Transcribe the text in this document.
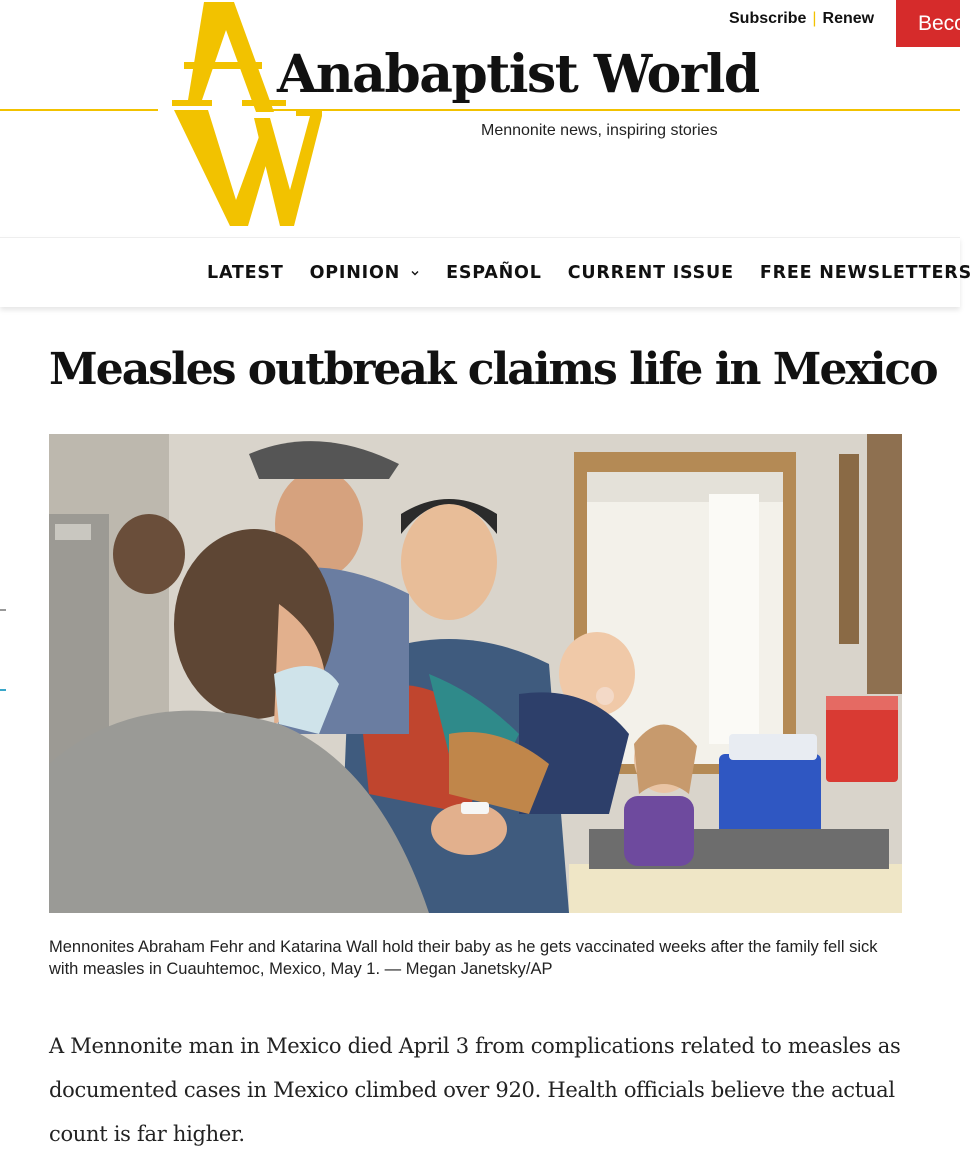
Anabaptist World
Mennonite news, inspiring stories
Subscribe | Renew	Beco
LATEST OPINION	ESPAÑOL CURRENT ISSUE FREE NEWSLETTERS
Measles outbreak claims life in Mexico

Mennonites Abraham Fehr and Katarina Wall hold their baby as he gets vaccinated weeks after the family fell sick with measles in Cuauhtemoc, Mexico, May 1. — Megan Janetsky/AP

A Mennonite man in Mexico died April 3 from complications related to measles as documented cases in Mexico climbed over 920. Health officials believe the actual count is far higher.
